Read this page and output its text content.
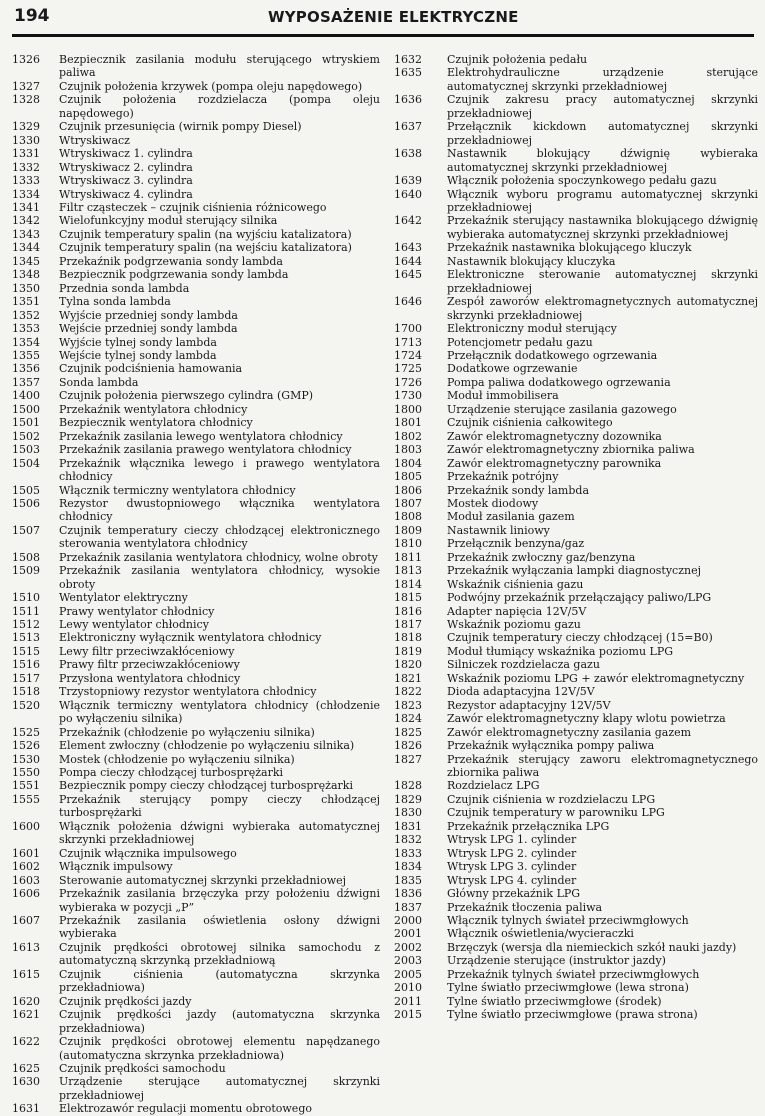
194	WYPOSAŻENIE ELEKTRYCZNE
1326	Bezpiecznik zasilania modułu sterującego wtryskiem paliwa
1327	Czujnik położenia krzywek (pompa oleju napędowego)
1328	Czujnik położenia rozdzielacza (pompa oleju napędowego)
1329	Czujnik przesunięcia (wirnik pompy Diesel)
1330	Wtryskiwacz
1331	Wtryskiwacz 1. cylindra
1332	Wtryskiwacz 2. cylindra
1333	Wtryskiwacz 3. cylindra
1334	Wtryskiwacz 4. cylindra
1341	Filtr cząsteczek – czujnik ciśnienia różnicowego
1342	Wielofunkcyjny moduł sterujący silnika
1343	Czujnik temperatury spalin (na wyjściu katalizatora)
1344	Czujnik temperatury spalin (na wejściu katalizatora)
1345	Przekaźnik podgrzewania sondy lambda
1348	Bezpiecznik podgrzewania sondy lambda
1350	Przednia sonda lambda
1351	Tylna sonda lambda
1352	Wyjście przedniej sondy lambda
1353	Wejście przedniej sondy lambda
1354	Wyjście tylnej sondy lambda
1355	Wejście tylnej sondy lambda
1356	Czujnik podciśnienia hamowania
1357	Sonda lambda
1400	Czujnik położenia pierwszego cylindra (GMP)
1500	Przekaźnik wentylatora chłodnicy
1501	Bezpiecznik wentylatora chłodnicy
1502	Przekaźnik zasilania lewego wentylatora chłodnicy
1503	Przekaźnik zasilania prawego wentylatora chłodnicy
1504	Przekaźnik włącznika lewego i prawego wentylatora chłodnicy
1505	Włącznik termiczny wentylatora chłodnicy
1506	Rezystor dwustopniowego włącznika wentylatora chłodnicy
1507	Czujnik temperatury cieczy chłodzącej elektronicznego sterowania wentylatora chłodnicy
1508	Przekaźnik zasilania wentylatora chłodnicy, wolne obroty
1509	Przekaźnik zasilania wentylatora chłodnicy, wysokie obroty
1510	Wentylator elektryczny
1511	Prawy wentylator chłodnicy
1512	Lewy wentylator chłodnicy
1513	Elektroniczny wyłącznik wentylatora chłodnicy
1515	Lewy filtr przeciwzakłóceniowy
1516	Prawy filtr przeciwzakłóceniowy
1517	Przysłona wentylatora chłodnicy
1518	Trzystopniowy rezystor wentylatora chłodnicy
1520	Włącznik termiczny wentylatora chłodnicy (chłodzenie po wyłączeniu silnika)
1525	Przekaźnik (chłodzenie po wyłączeniu silnika)
1526	Element zwłoczny (chłodzenie po wyłączeniu silnika)
1530	Mostek (chłodzenie po wyłączeniu silnika)
1550	Pompa cieczy chłodzącej turbosprężarki
1551	Bezpiecznik pompy cieczy chłodzącej turbosprężarki
1555	Przekaźnik sterujący pompy cieczy chłodzącej turbosprężarki
1600	Włącznik położenia dźwigni wybieraka automatycznej skrzynki przekładniowej
1601	Czujnik włącznika impulsowego
1602	Włącznik impulsowy
1603	Sterowanie automatycznej skrzynki przekładniowej
1606	Przekaźnik zasilania brzęczyka przy położeniu dźwigni wybieraka w pozycji „P”
1607	Przekaźnik zasilania oświetlenia osłony dźwigni wybieraka
1613	Czujnik prędkości obrotowej silnika samochodu z automatyczną skrzynką przekładniową
1615	Czujnik ciśnienia (automatyczna skrzynka przekładniowa)
1620	Czujnik prędkości jazdy
1621	Czujnik prędkości jazdy (automatyczna skrzynka przekładniowa)
1622	Czujnik prędkości obrotowej elementu napędzanego (automatyczna skrzynka przekładniowa)
1625	Czujnik prędkości samochodu
1630	Urządzenie sterujące automatycznej skrzynki przekładniowej
1631	Elektrozawór regulacji momentu obrotowego
1632	Czujnik położenia pedału
1635	Elektrohydrauliczne urządzenie sterujące automatycznej skrzynki przekładniowej
1636	Czujnik zakresu pracy automatycznej skrzynki przekładniowej
1637	Przełącznik kickdown automatycznej skrzynki przekładniowej
1638	Nastawnik blokujący dźwignię wybieraka automatycznej skrzynki przekładniowej
1639	Włącznik położenia spoczynkowego pedału gazu
1640	Włącznik wyboru programu automatycznej skrzynki przekładniowej
1642	Przekaźnik sterujący nastawnika blokującego dźwignię wybieraka automatycznej skrzynki przekładniowej
1643	Przekaźnik nastawnika blokującego kluczyk
1644	Nastawnik blokujący kluczyka
1645	Elektroniczne sterowanie automatycznej skrzynki przekładniowej
1646	Zespół zaworów elektromagnetycznych automatycznej skrzynki przekładniowej
1700	Elektroniczny moduł sterujący
1713	Potencjometr pedału gazu
1724	Przełącznik dodatkowego ogrzewania
1725	Dodatkowe ogrzewanie
1726	Pompa paliwa dodatkowego ogrzewania
1730	Moduł immobilisera
1800	Urządzenie sterujące zasilania gazowego
1801	Czujnik ciśnienia całkowitego
1802	Zawór elektromagnetyczny dozownika
1803	Zawór elektromagnetyczny zbiornika paliwa
1804	Zawór elektromagnetyczny parownika
1805	Przekaźnik potrójny
1806	Przekaźnik sondy lambda
1807	Mostek diodowy
1808	Moduł zasilania gazem
1809	Nastawnik liniowy
1810	Przełącznik benzyna/gaz
1811	Przekaźnik zwłoczny gaz/benzyna
1813	Przekaźnik wyłączania lampki diagnostycznej
1814	Wskaźnik ciśnienia gazu
1815	Podwójny przekaźnik przełączający paliwo/LPG
1816	Adapter napięcia 12V/5V
1817	Wskaźnik poziomu gazu
1818	Czujnik temperatury cieczy chłodzącej (15=B0)
1819	Moduł tłumiący wskaźnika poziomu LPG
1820	Silniczek rozdzielacza gazu
1821	Wskaźnik poziomu LPG + zawór elektromagnetyczny
1822	Dioda adaptacyjna 12V/5V
1823	Rezystor adaptacyjny 12V/5V
1824	Zawór elektromagnetyczny klapy wlotu powietrza
1825	Zawór elektromagnetyczny zasilania gazem
1826	Przekaźnik wyłącznika pompy paliwa
1827	Przekaźnik sterujący zaworu elektromagnetycznego zbiornika paliwa
1828	Rozdzielacz LPG
1829	Czujnik ciśnienia w rozdzielaczu LPG
1830	Czujnik temperatury w parowniku LPG
1831	Przekaźnik przełącznika LPG
1832	Wtrysk LPG 1. cylinder
1833	Wtrysk LPG 2. cylinder
1834	Wtrysk LPG 3. cylinder
1835	Wtrysk LPG 4. cylinder
1836	Główny przekaźnik LPG
1837	Przekaźnik tłoczenia paliwa
2000	Włącznik tylnych świateł przeciwmgłowych
2001	Włącznik oświetlenia/wycieraczki
2002	Brzęczyk (wersja dla niemieckich szkół nauki jazdy)
2003	Urządzenie sterujące (instruktor jazdy)
2005	Przekaźnik tylnych świateł przeciwmgłowych
2010	Tylne światło przeciwmgłowe (lewa strona)
2011	Tylne światło przeciwmgłowe (środek)
2015	Tylne światło przeciwmgłowe (prawa strona)
